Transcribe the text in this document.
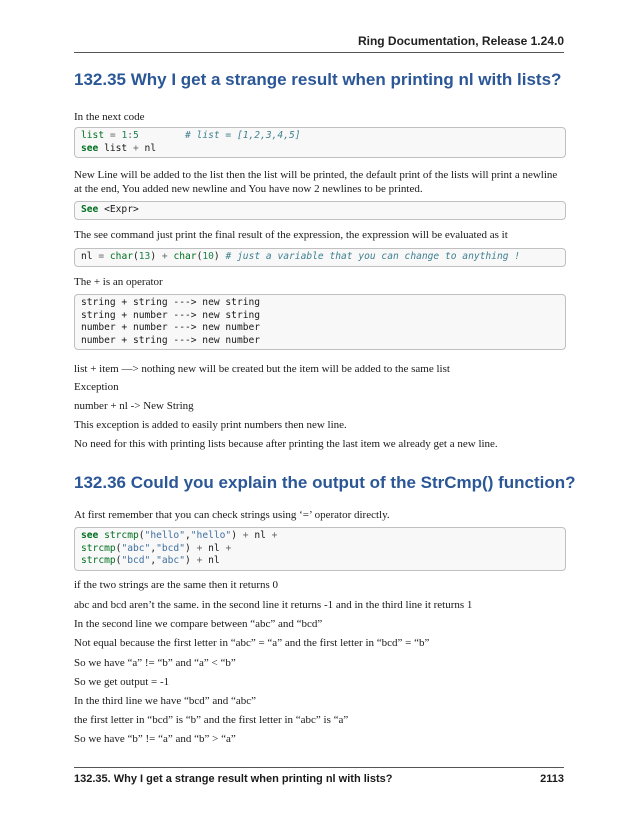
Ring Documentation, Release 1.24.0
132.35 Why I get a strange result when printing nl with lists?

In the next code

list = 1:5	# list = [1,2,3,4,5]
see list + nl

New Line will be added to the list then the list will be printed, the default print of the lists will print a newline at the end, You added new newline and You have now 2 newlines to be printed.

See <Expr>

The see command just print the final result of the expression, the expression will be evaluated as it

nl = char(13) + char(10) # just a variable that you can change to anything !

The + is an operator

string + string ---> new string
string + number ---> new string
number + number ---> new number
number + string ---> new number

list + item —> nothing new will be created but the item will be added to the same list

Exception

number + nl -> New String

This exception is added to easily print numbers then new line.

No need for this with printing lists because after printing the last item we already get a new line.

132.36 Could you explain the output of the StrCmp() function?

At first remember that you can check strings using ‘=’ operator directly.

see strcmp("hello","hello") + nl +
strcmp("abc","bcd") + nl +
strcmp("bcd","abc") + nl

if the two strings are the same then it returns 0

abc and bcd aren’t the same. in the second line it returns -1 and in the third line it returns 1

In the second line we compare between “abc” and “bcd”

Not equal because the first letter in “abc” = “a” and the first letter in “bcd” = “b”

So we have “a” != “b” and “a” < “b”

So we get output = -1

In the third line we have “bcd” and “abc”

the first letter in “bcd” is “b” and the first letter in “abc” is “a”

So we have “b” != “a” and “b” > “a”

132.35. Why I get a strange result when printing nl with lists?	2113
